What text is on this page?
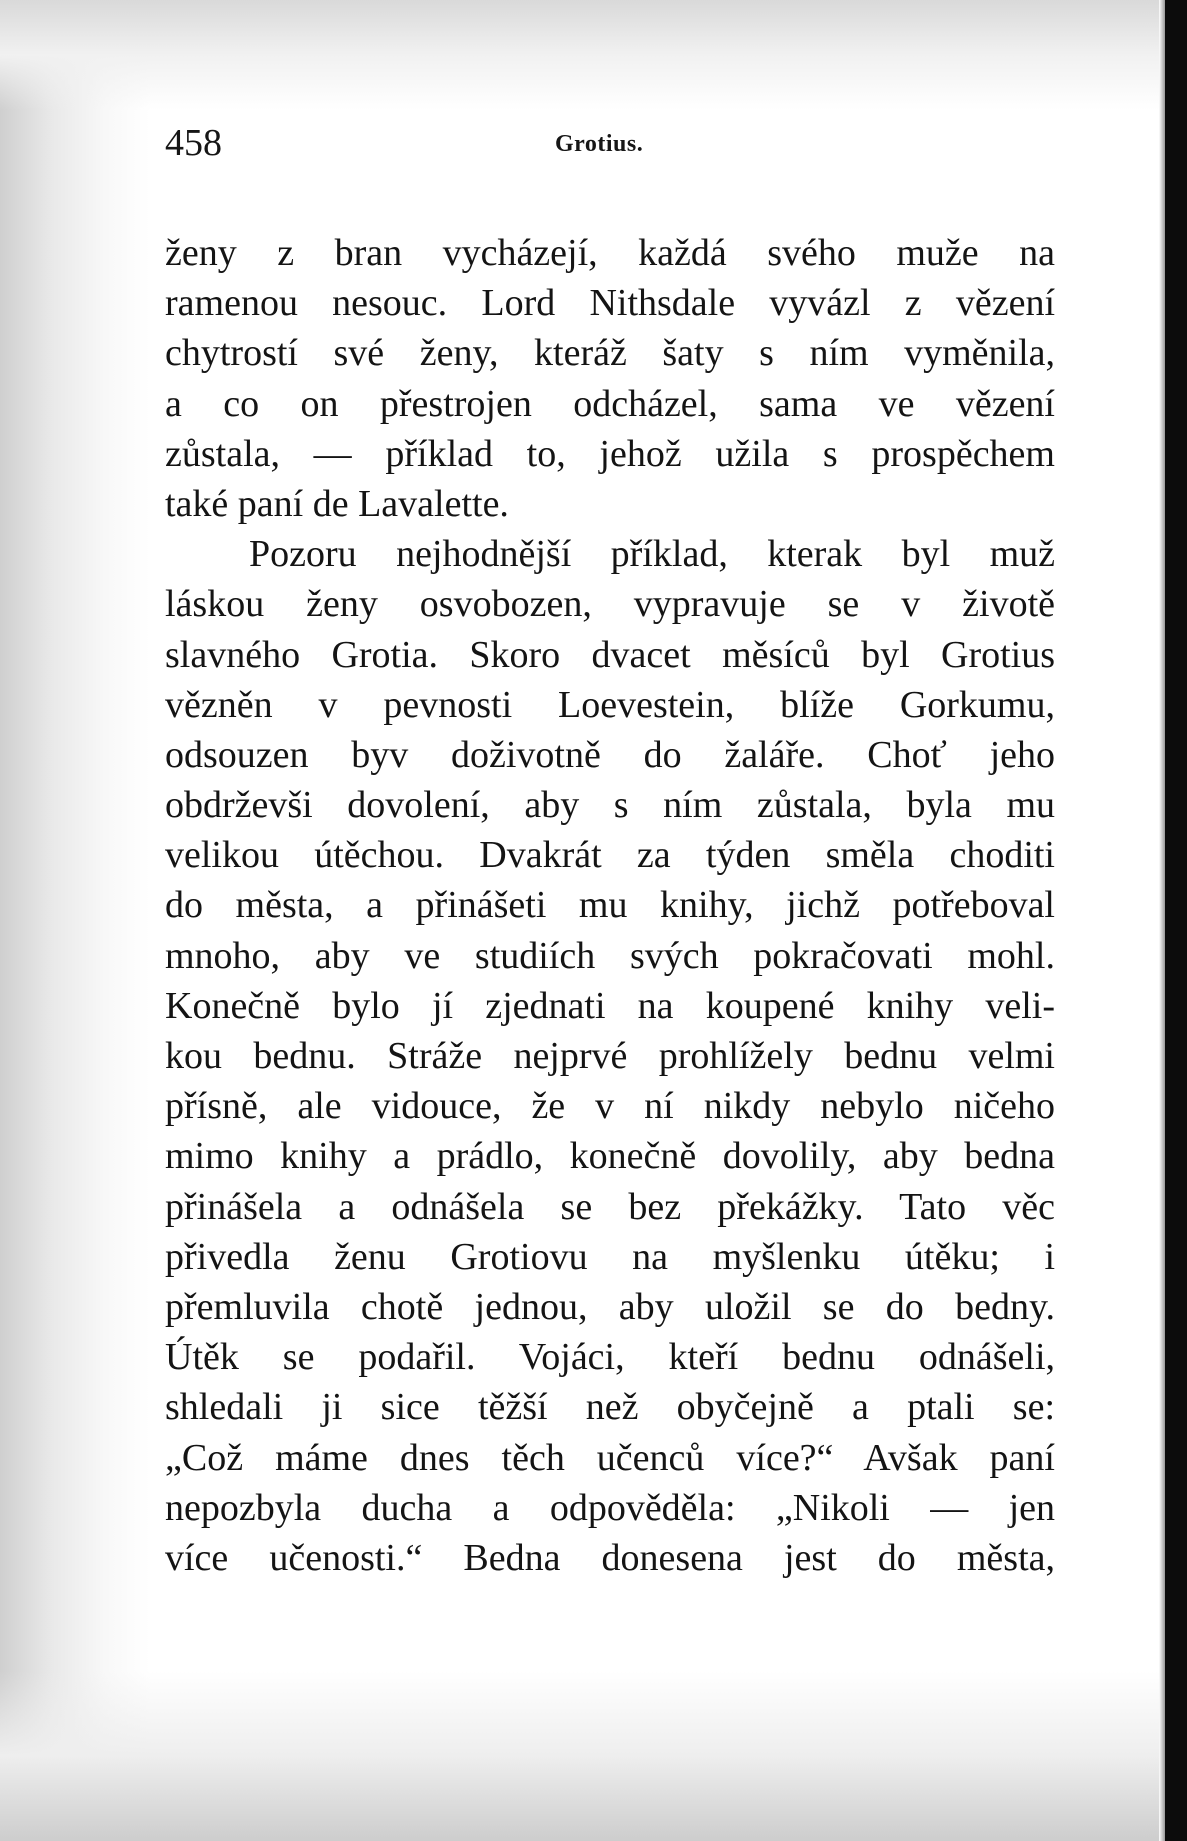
458	Grotius.
ženy z bran vycházejí, každá svého muže na
ramenou nesouc. Lord Nithsdale vyvázl z vězení
chytrostí své ženy, kteráž šaty s ním vyměnila,
a co on přestrojen odcházel, sama ve vězení
zůstala, — příklad to, jehož užila s prospěchem
také paní de Lavalette.
Pozoru nejhodnější příklad, kterak byl muž
láskou ženy osvobozen, vypravuje se v životě
slavného Grotia. Skoro dvacet měsíců byl Grotius
vězněn v pevnosti Loevestein, blíže Gorkumu,
odsouzen byv doživotně do žaláře. Choť jeho
obdrževši dovolení, aby s ním zůstala, byla mu
velikou útěchou. Dvakrát za týden směla choditi
do města, a přinášeti mu knihy, jichž potřeboval
mnoho, aby ve studiích svých pokračovati mohl.
Konečně bylo jí zjednati na koupené knihy veli-
kou bednu. Stráže nejprvé prohlížely bednu velmi
přísně, ale vidouce, že v ní nikdy nebylo ničeho
mimo knihy a prádlo, konečně dovolily, aby bedna
přinášela a odnášela se bez překážky. Tato věc
přivedla ženu Grotiovu na myšlenku útěku; i
přemluvila chotě jednou, aby uložil se do bedny.
Útěk se podařil. Vojáci, kteří bednu odnášeli,
shledali ji sice těžší než obyčejně a ptali se:
„Což máme dnes těch učenců více?“ Avšak paní
nepozbyla ducha a odpověděla: „Nikoli — jen
více učenosti.“ Bedna donesena jest do města,
